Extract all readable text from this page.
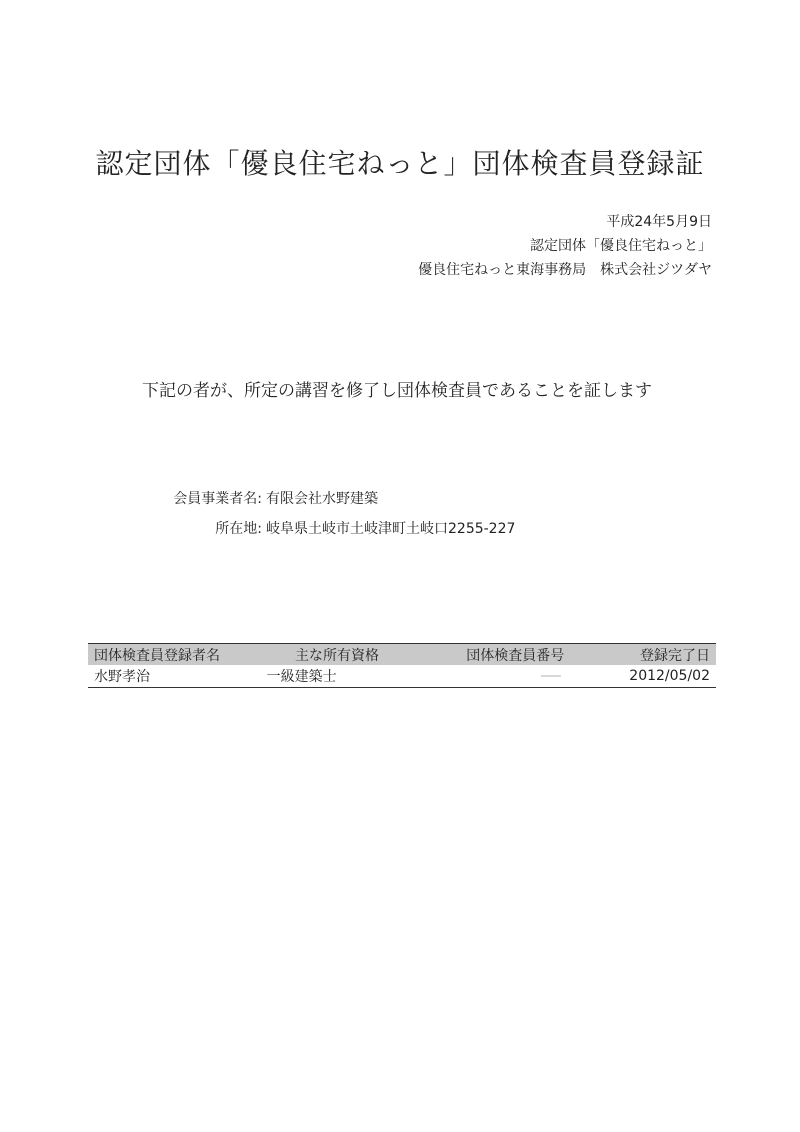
認定団体「優良住宅ねっと」団体検査員登録証
平成24年5月9日
認定団体「優良住宅ねっと」
優良住宅ねっと東海事務局　株式会社ジツダヤ
下記の者が、所定の講習を修了し団体検査員であることを証します
会員事業者名: 有限会社水野建築
所在地: 岐阜県土岐市土岐津町土岐口2255-227
団体検査員登録者名	主な所有資格	団体検査員番号	登録完了日
水野孝治	一級建築士		2012/05/02
